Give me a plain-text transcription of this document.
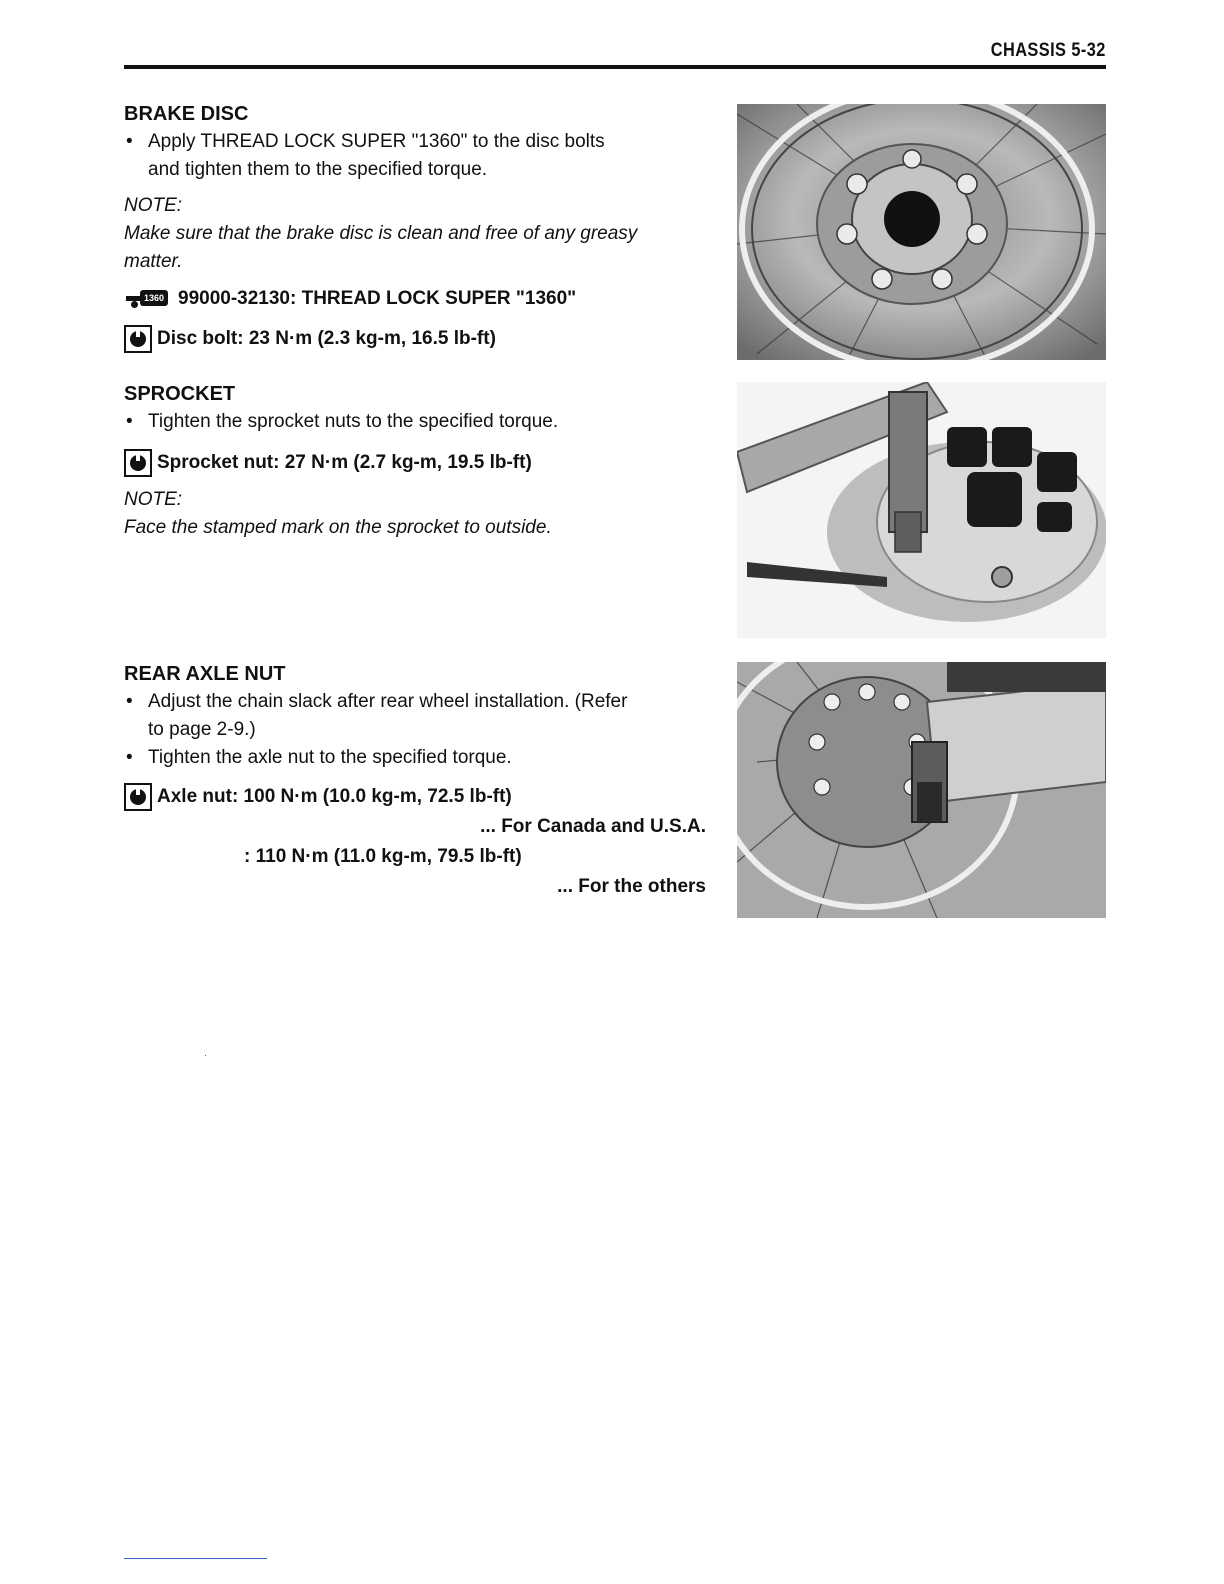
CHASSIS 5-32
BRAKE DISC
• Apply THREAD LOCK SUPER "1360" to the disc bolts
and tighten them to the specified torque.
NOTE:
Make sure that the brake disc is clean and free of any greasy
matter.
1360 99000-32130: THREAD LOCK SUPER "1360"
Disc bolt: 23 N·m (2.3 kg-m, 16.5 lb-ft)
SPROCKET
• Tighten the sprocket nuts to the specified torque.
Sprocket nut: 27 N·m (2.7 kg-m, 19.5 lb-ft)
NOTE:
Face the stamped mark on the sprocket to outside.
REAR AXLE NUT
• Adjust the chain slack after rear wheel installation. (Refer
to page 2-9.)
• Tighten the axle nut to the specified torque.
Axle nut: 100 N·m (10.0 kg-m, 72.5 lb-ft)
... For Canada and U.S.A.
: 110 N·m (11.0 kg-m, 79.5 lb-ft)
... For the others
